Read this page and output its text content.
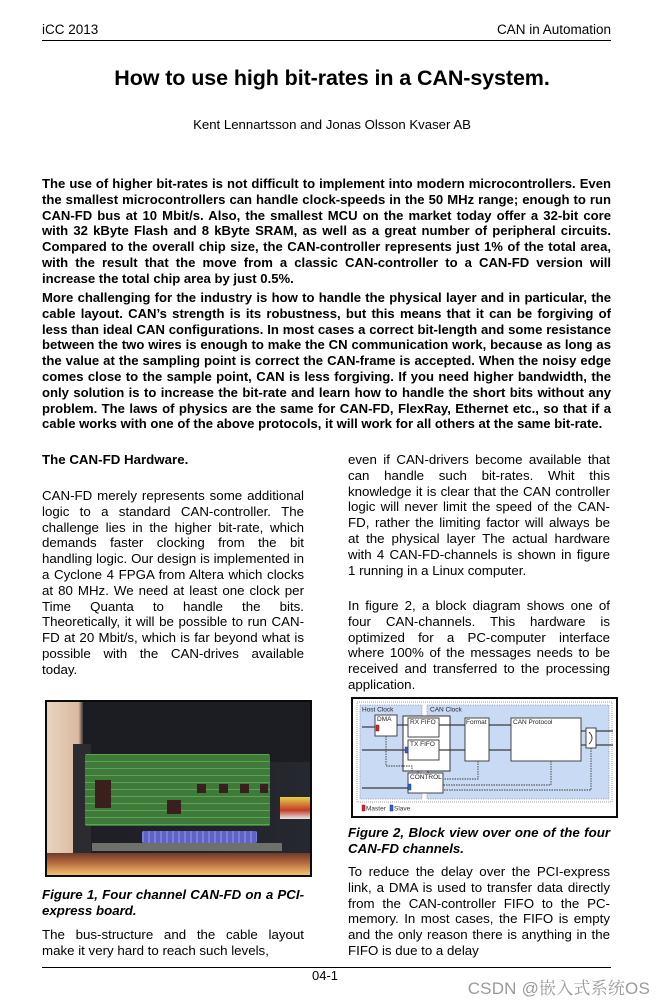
iCC 2013	CAN in Automation
How to use high bit-rates in a CAN-system.
Kent Lennartsson and Jonas Olsson Kvaser AB

The use of higher bit-rates is not difficult to implement into modern microcontrollers. Even the smallest microcontrollers can handle clock-speeds in the 50 MHz range; enough to run CAN-FD bus at 10 Mbit/s. Also, the smallest MCU on the market today offer a 32-bit core with 32 kByte Flash and 8 kByte SRAM, as well as a great number of peripheral circuits. Compared to the overall chip size, the CAN-controller represents just 1% of the total area, with the result that the move from a classic CAN-controller to a CAN-FD version will increase the total chip area by just 0.5%.

More challenging for the industry is how to handle the physical layer and in particular, the cable layout. CAN’s strength is its robustness, but this means that it can be forgiving of less than ideal CAN configurations. In most cases a correct bit-length and some resistance between the two wires is enough to make the CN communication work, because as long as the value at the sampling point is correct the CAN-frame is accepted. When the noisy edge comes close to the sample point, CAN is less forgiving. If you need higher bandwidth, the only solution is to increase the bit-rate and learn how to handle the short bits without any problem. The laws of physics are the same for CAN-FD, FlexRay, Ethernet etc., so that if a cable works with one of the above protocols, it will work for all others at the same bit-rate.

The CAN-FD Hardware.

CAN-FD merely represents some additional logic to a standard CAN-controller. The challenge lies in the higher bit-rate, which demands faster clocking from the bit handling logic. Our design is implemented in a Cyclone 4 FPGA from Altera which clocks at 80 MHz. We need at least one clock per Time Quanta to handle the bits. Theoretically, it will be possible to run CAN-FD at 20 Mbit/s, which is far beyond what is possible with the CAN-drives available today.

Figure 1, Four channel CAN-FD on a PCI-express board.

The bus-structure and the cable layout make it very hard to reach such levels,

even if CAN-drivers become available that can handle such bit-rates. Whit this knowledge it is clear that the CAN controller logic will never limit the speed of the CAN-FD, rather the limiting factor will always be at the physical layer The actual hardware with 4 CAN-FD-channels is shown in figure 1 running in a Linux computer.

In figure 2, a block diagram shows one of four CAN-channels. This hardware is optimized for a PC-computer interface where 100% of the messages needs to be received and transferred to the processing application.

Host Clock	CAN Clock
DMA	RX FIFO
TX FIFO
Format	CAN Protocol
CONTROL
Master Slave
Figure 2, Block view over one of the four CAN-FD channels.

To reduce the delay over the PCI-express link, a DMA is used to transfer data directly from the CAN-controller FIFO to the PC-memory. In most cases, the FIFO is empty and the only reason there is anything in the FIFO is due to a delay

04-1
CSDN @嵌入式系统OS
